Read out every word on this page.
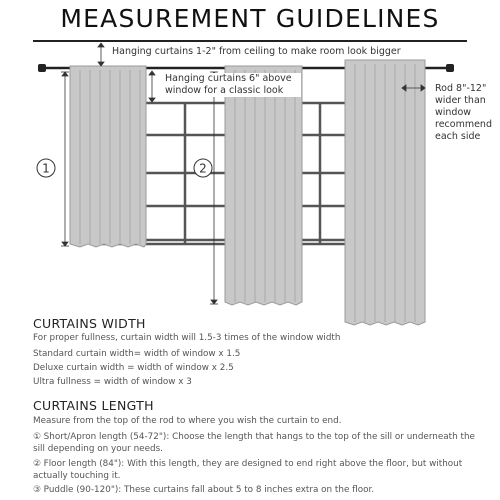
1	2
MEASUREMENT GUIDELINES
Hanging curtains 1-2" from ceiling to make room look bigger
Hanging curtains 6" above window for a classic look	Rod 8"-12" wider than window recommend each side
CURTAINS WIDTH
For proper fullness, curtain width will 1.5-3 times of the window width
Standard curtain width= width of window x 1.5
Deluxe curtain width = width of window x 2.5
Ultra fullness = width of window x 3
CURTAINS LENGTH
Measure from the top of the rod to where you wish the curtain to end.
① Short/Apron length (54-72"): Choose the length that hangs to the top of the sill or underneath the sill depending on your needs.
② Floor length (84"): With this length, they are designed to end right above the floor, but without actually touching it.
③ Puddle (90-120"): These curtains fall about 5 to 8 inches extra on the floor.
